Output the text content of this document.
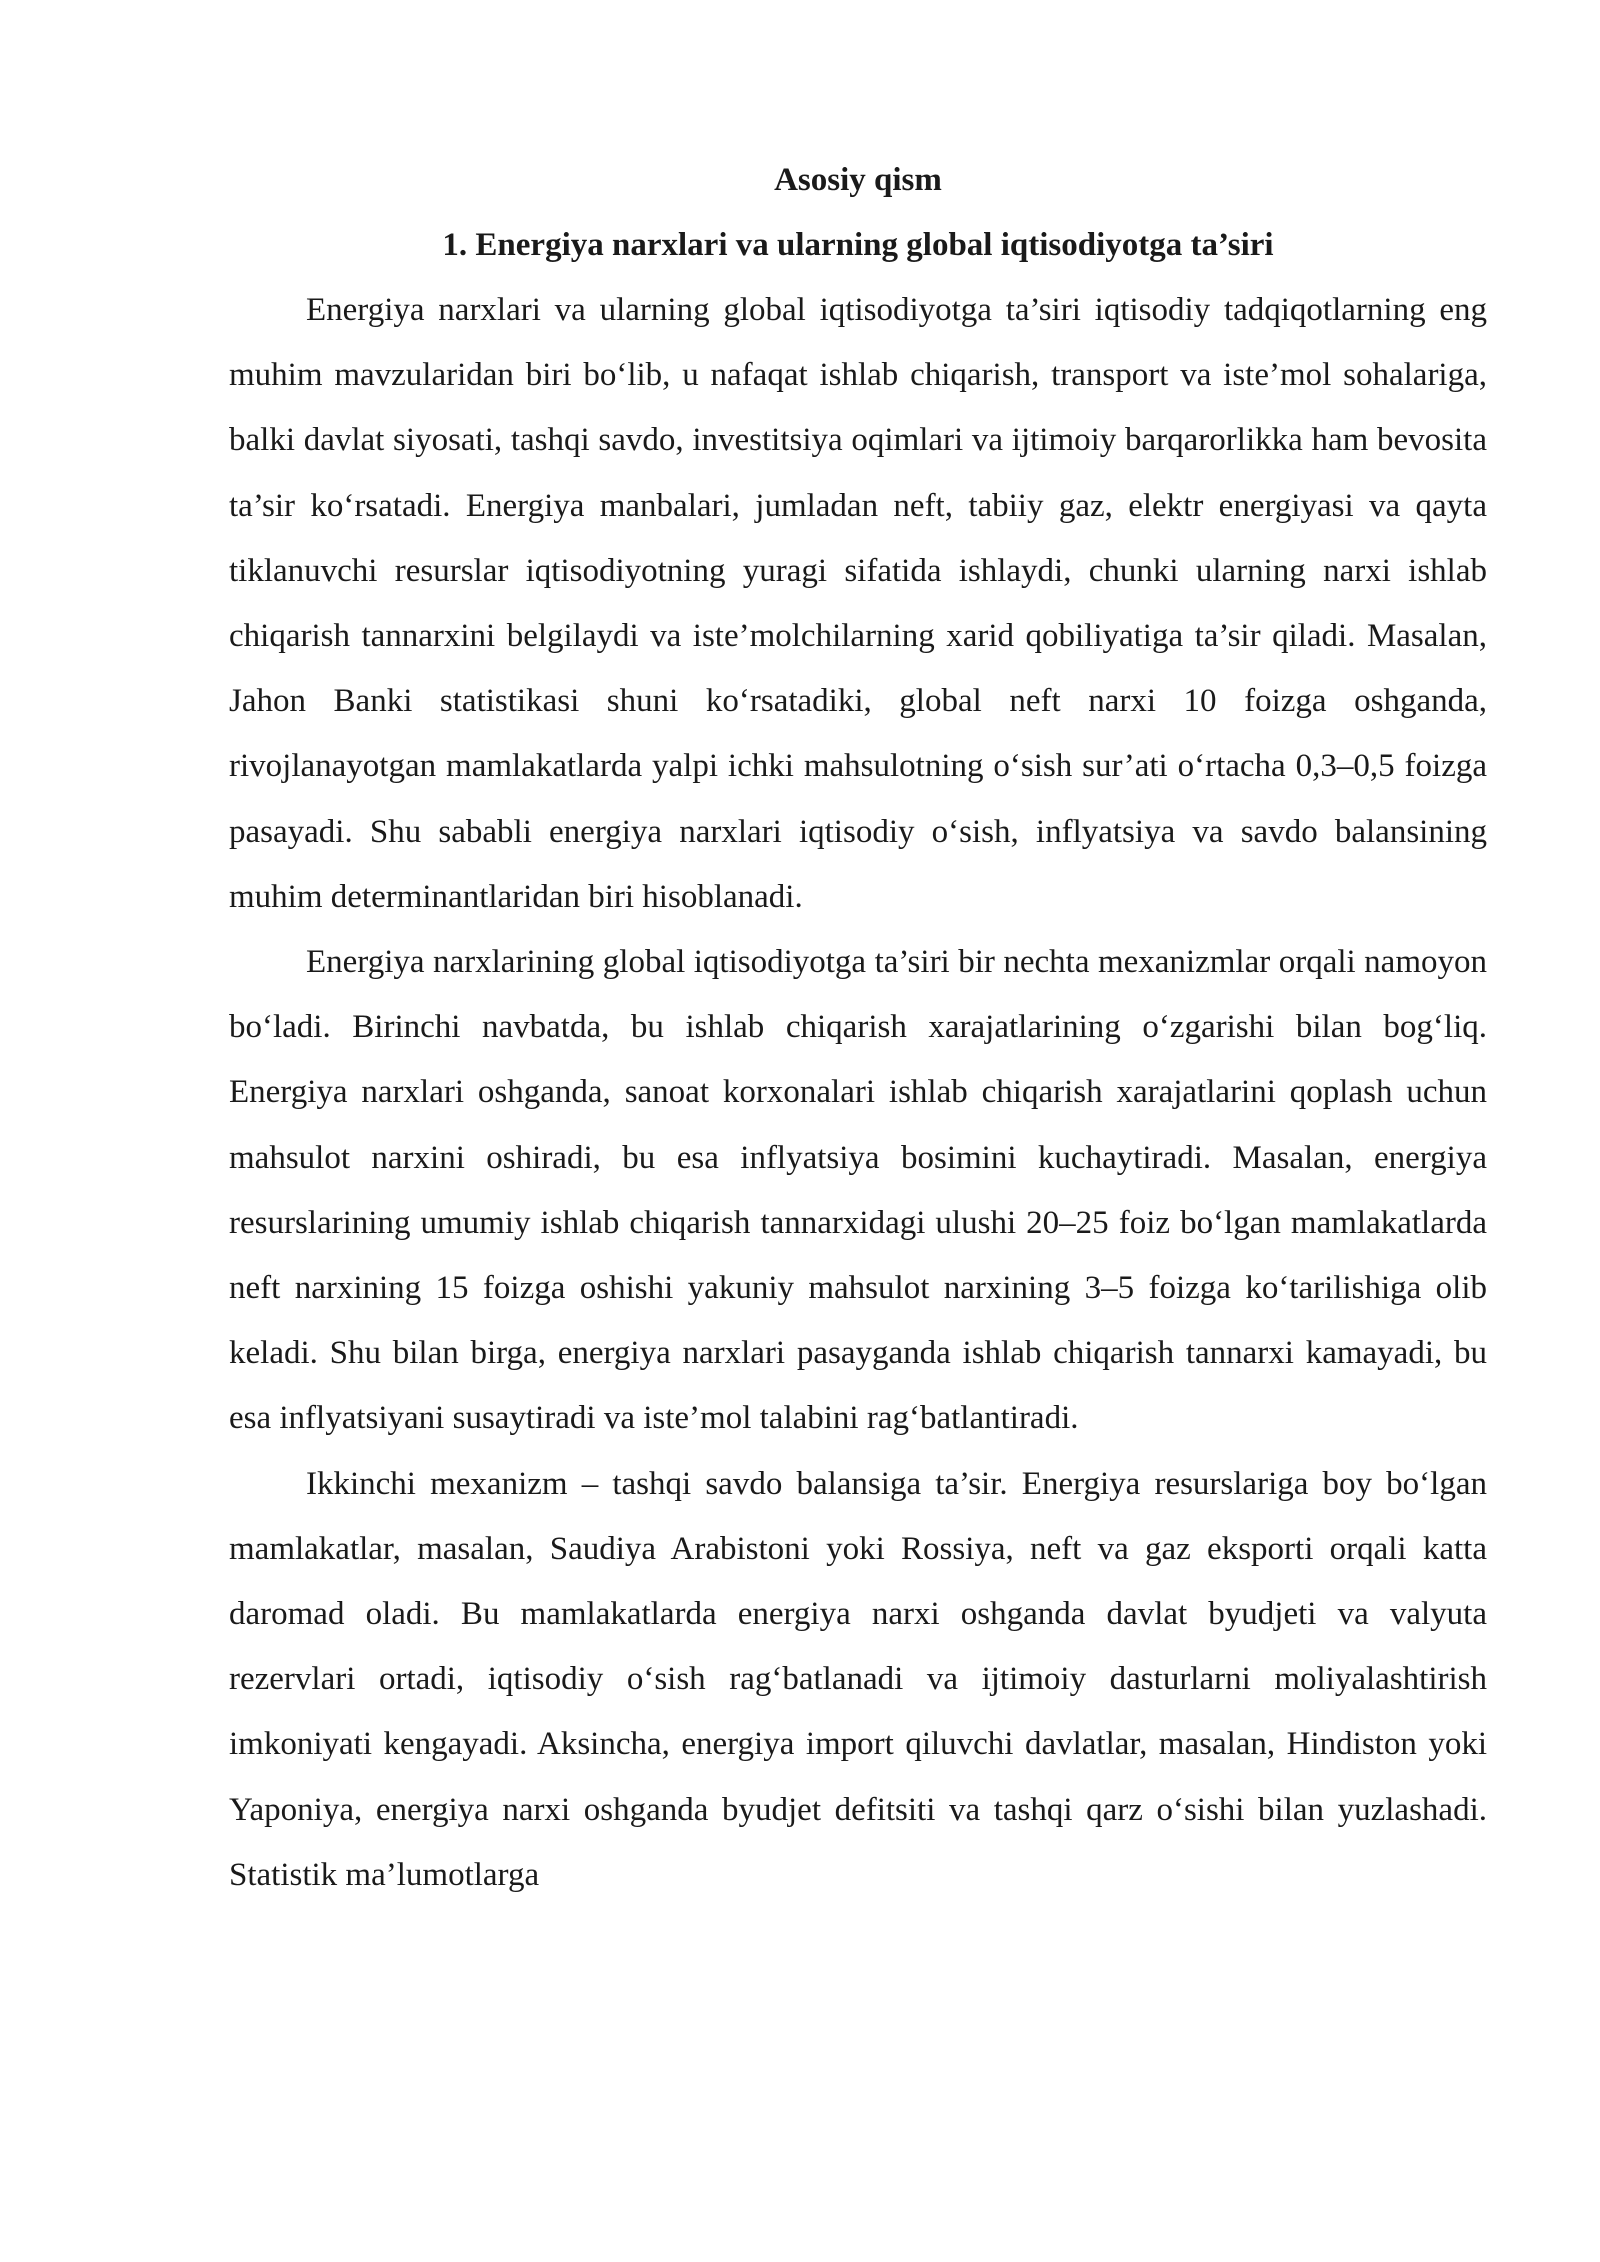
Asosiy qism
1. Energiya narxlari va ularning global iqtisodiyotga ta’siri

Energiya narxlari va ularning global iqtisodiyotga ta’siri iqtisodiy tadqiqotlarning eng muhim mavzularidan biri bo‘lib, u nafaqat ishlab chiqarish, transport va iste’mol sohalariga, balki davlat siyosati, tashqi savdo, investitsiya oqimlari va ijtimoiy barqarorlikka ham bevosita ta’sir ko‘rsatadi. Energiya manbalari, jumladan neft, tabiiy gaz, elektr energiyasi va qayta tiklanuvchi resurslar iqtisodiyotning yuragi sifatida ishlaydi, chunki ularning narxi ishlab chiqarish tannarxini belgilaydi va iste’molchilarning xarid qobiliyatiga ta’sir qiladi. Masalan, Jahon Banki statistikasi shuni ko‘rsatadiki, global neft narxi 10 foizga oshganda, rivojlanayotgan mamlakatlarda yalpi ichki mahsulotning o‘sish sur’ati o‘rtacha 0,3–0,5 foizga pasayadi. Shu sababli energiya narxlari iqtisodiy o‘sish, inflyatsiya va savdo balansining muhim determinantlaridan biri hisoblanadi.

Energiya narxlarining global iqtisodiyotga ta’siri bir nechta mexanizmlar orqali namoyon bo‘ladi. Birinchi navbatda, bu ishlab chiqarish xarajatlarining o‘zgarishi bilan bog‘liq. Energiya narxlari oshganda, sanoat korxonalari ishlab chiqarish xarajatlarini qoplash uchun mahsulot narxini oshiradi, bu esa inflyatsiya bosimini kuchaytiradi. Masalan, energiya resurslarining umumiy ishlab chiqarish tannarxidagi ulushi 20–25 foiz bo‘lgan mamlakatlarda neft narxining 15 foizga oshishi yakuniy mahsulot narxining 3–5 foizga ko‘tarilishiga olib keladi. Shu bilan birga, energiya narxlari pasayganda ishlab chiqarish tannarxi kamayadi, bu esa inflyatsiyani susaytiradi va iste’mol talabini rag‘batlantiradi.

Ikkinchi mexanizm – tashqi savdo balansiga ta’sir. Energiya resurslariga boy bo‘lgan mamlakatlar, masalan, Saudiya Arabistoni yoki Rossiya, neft va gaz eksporti orqali katta daromad oladi. Bu mamlakatlarda energiya narxi oshganda davlat byudjeti va valyuta rezervlari ortadi, iqtisodiy o‘sish rag‘batlanadi va ijtimoiy dasturlarni moliyalashtirish imkoniyati kengayadi. Aksincha, energiya import qiluvchi davlatlar, masalan, Hindiston yoki Yaponiya, energiya narxi oshganda byudjet defitsiti va tashqi qarz o‘sishi bilan yuzlashadi. Statistik ma’lumotlarga
